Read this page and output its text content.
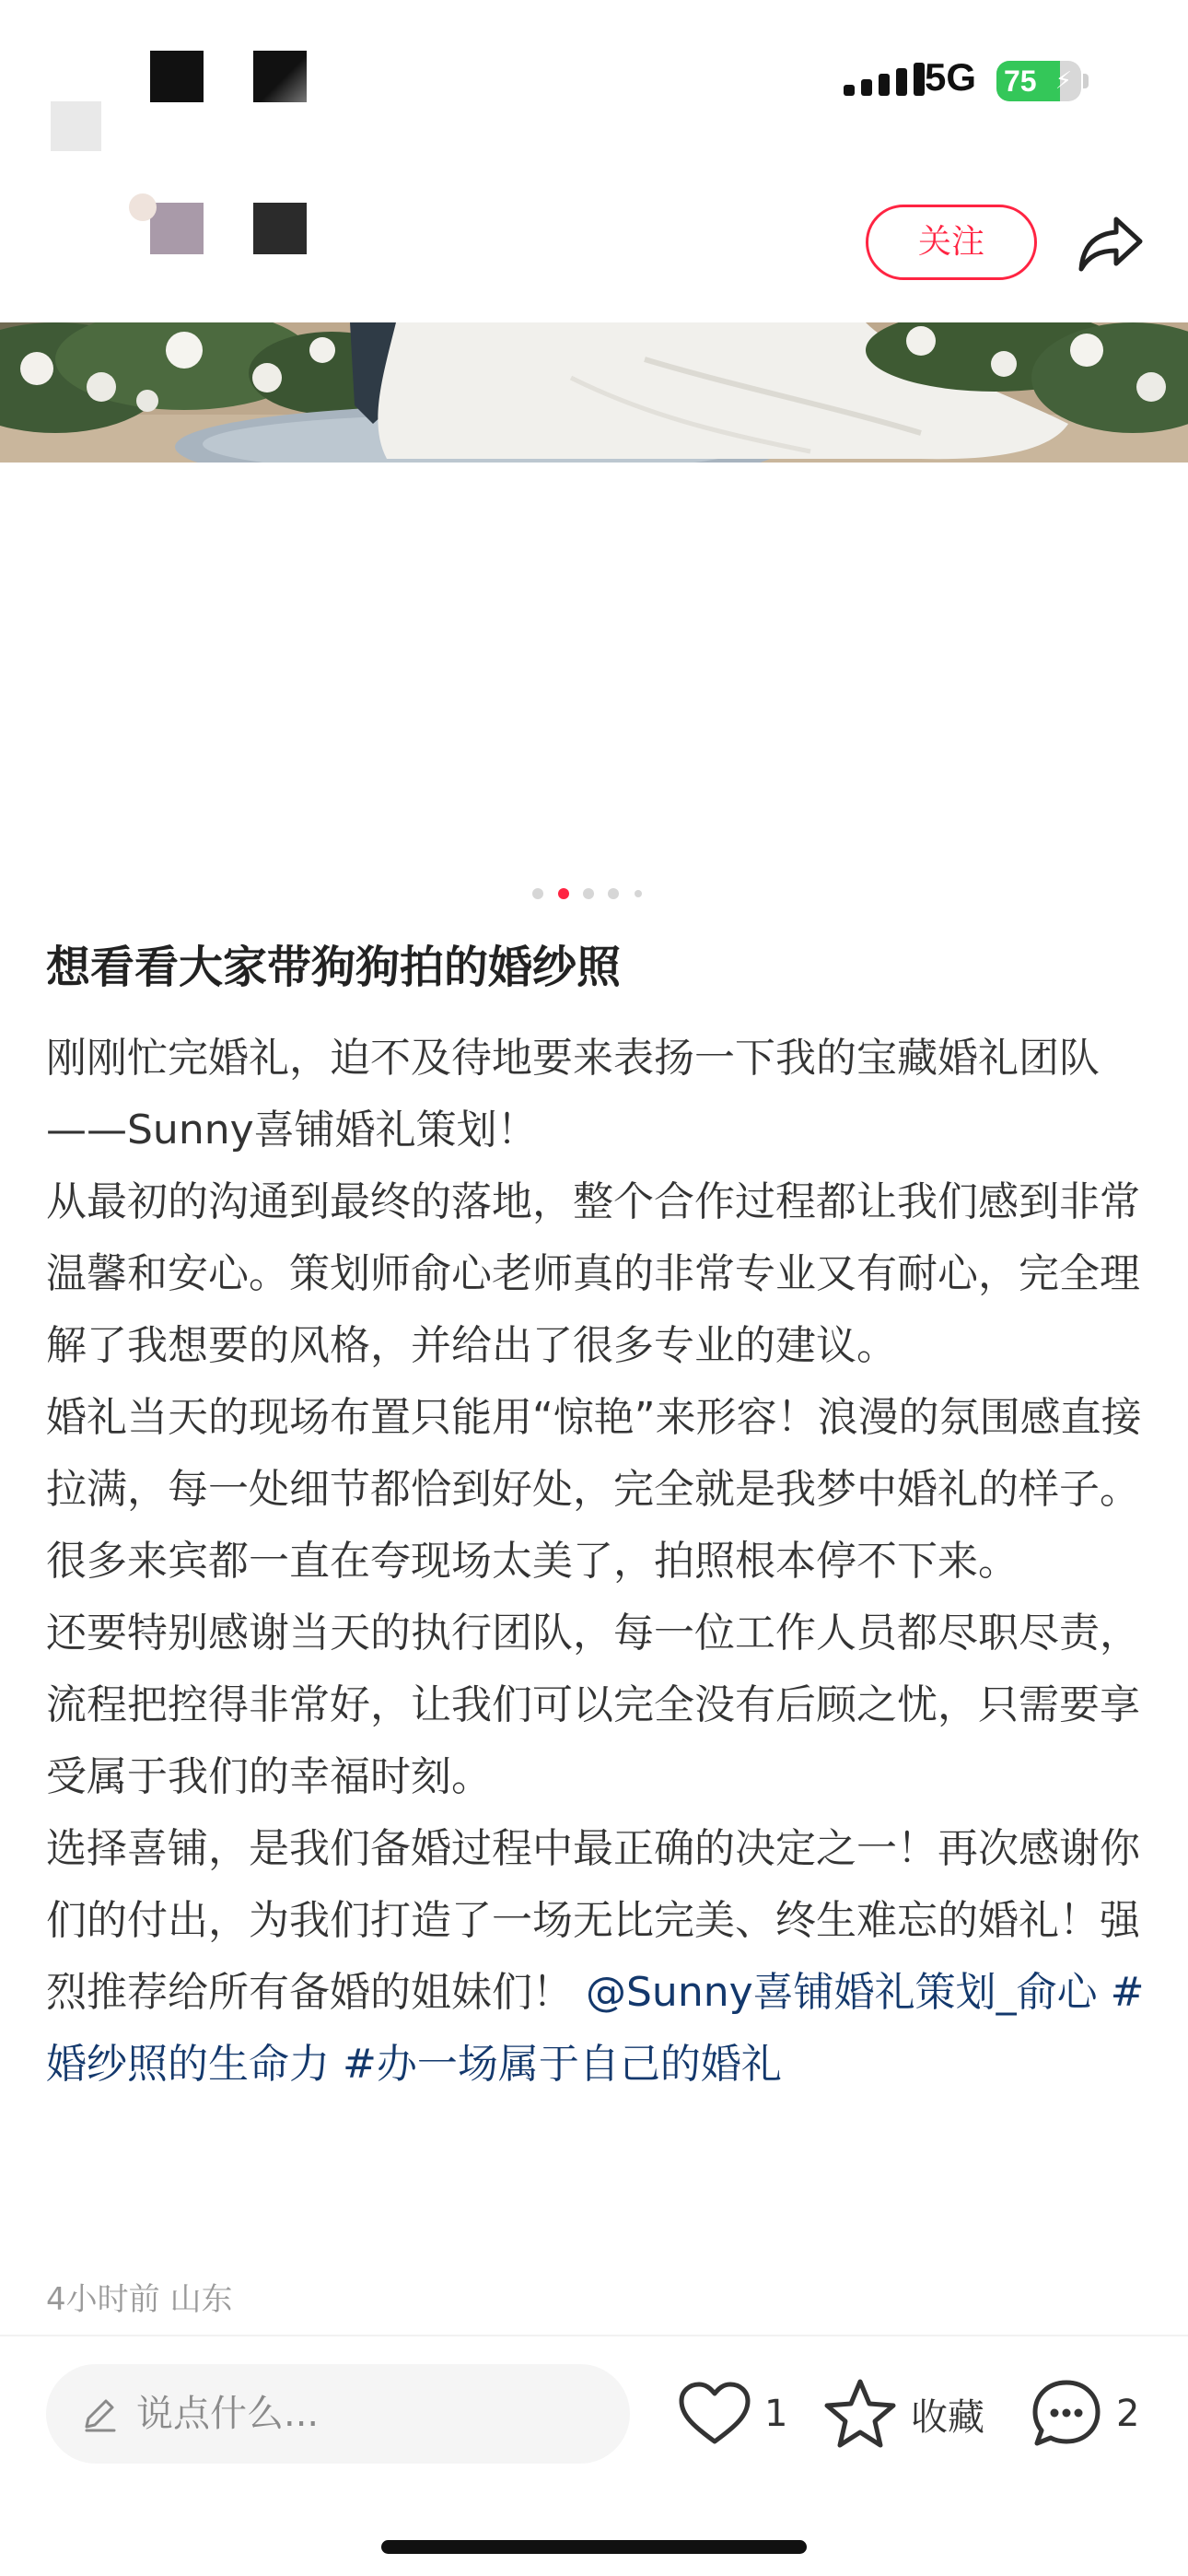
5G 75 ⚡
关注
想看看大家带狗狗拍的婚纱照

刚刚忙完婚礼，迫不及待地要来表扬一下我的宝藏婚礼团队——Sunny喜铺婚礼策划！

从最初的沟通到最终的落地，整个合作过程都让我们感到非常温馨和安心。策划师俞心老师真的非常专业又有耐心，完全理解了我想要的风格，并给出了很多专业的建议。

婚礼当天的现场布置只能用“惊艳”来形容！浪漫的氛围感直接拉满，每一处细节都恰到好处，完全就是我梦中婚礼的样子。很多来宾都一直在夸现场太美了，拍照根本停不下来。

还要特别感谢当天的执行团队，每一位工作人员都尽职尽责，流程把控得非常好，让我们可以完全没有后顾之忧，只需要享受属于我们的幸福时刻。

选择喜铺，是我们备婚过程中最正确的决定之一！再次感谢你们的付出，为我们打造了一场无比完美、终生难忘的婚礼！强烈推荐给所有备婚的姐妹们！ @Sunny喜铺婚礼策划_俞心 #婚纱照的生命力 #办一场属于自己的婚礼

4小时前 山东
说点什么...	1	收藏	2
